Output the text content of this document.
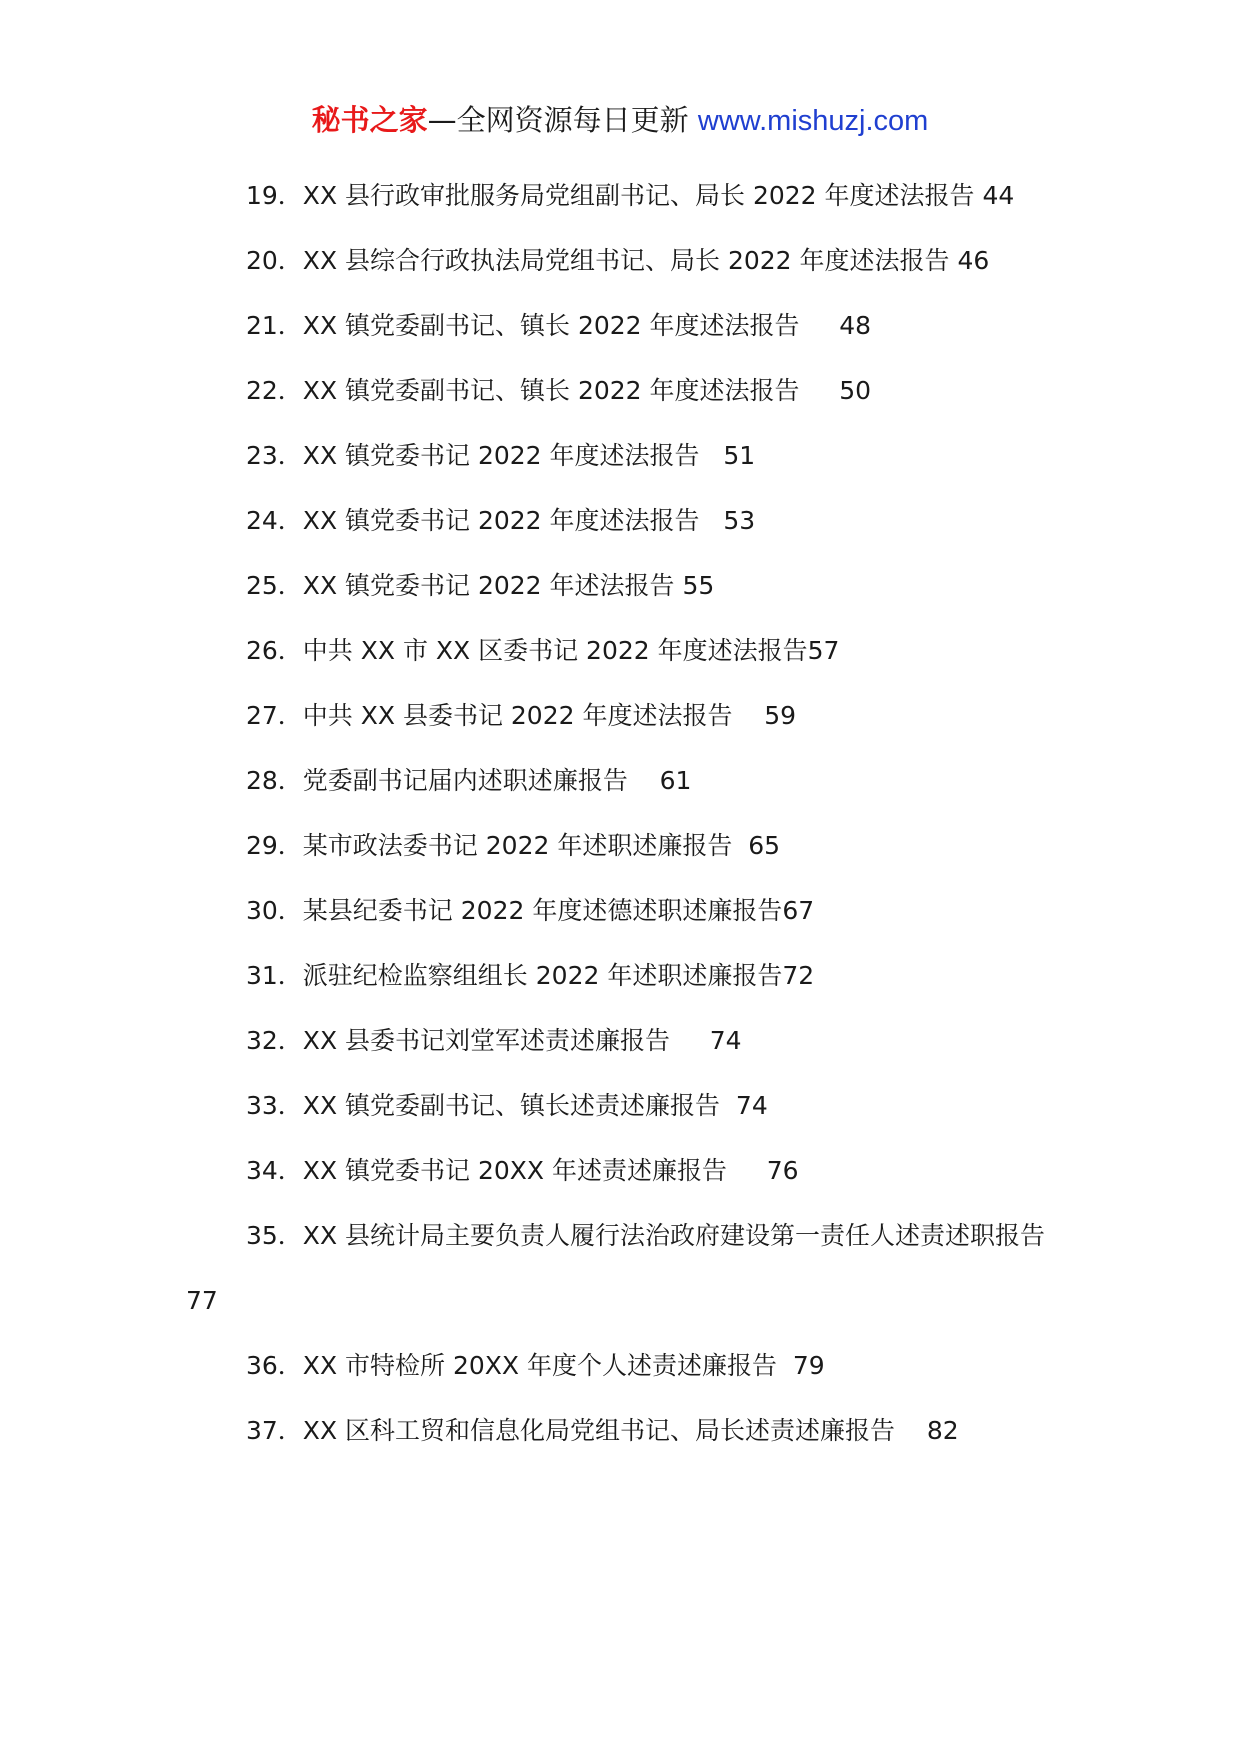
秘书之家—全网资源每日更新 www.mishuzj.com

19．XX 县行政审批服务局党组副书记、局长 2022 年度述法报告 44

20．XX 县综合行政执法局党组书记、局长 2022 年度述法报告 46

21．XX 镇党委副书记、镇长 2022 年度述法报告 48

22．XX 镇党委副书记、镇长 2022 年度述法报告 50

23．XX 镇党委书记 2022 年度述法报告 51

24．XX 镇党委书记 2022 年度述法报告 53

25．XX 镇党委书记 2022 年述法报告 55

26．中共 XX 市 XX 区委书记 2022 年度述法报告57

27．中共 XX 县委书记 2022 年度述法报告 59

28．党委副书记届内述职述廉报告 61

29．某市政法委书记 2022 年述职述廉报告 65

30．某县纪委书记 2022 年度述德述职述廉报告67

31．派驻纪检监察组组长 2022 年述职述廉报告72

32．XX 县委书记刘堂军述责述廉报告 74

33．XX 镇党委副书记、镇长述责述廉报告 74

34．XX 镇党委书记 20XX 年述责述廉报告 76

35．XX 县统计局主要负责人履行法治政府建设第一责任人述责述职报告 77

36．XX 市特检所 20XX 年度个人述责述廉报告 79

37．XX 区科工贸和信息化局党组书记、局长述责述廉报告 82
